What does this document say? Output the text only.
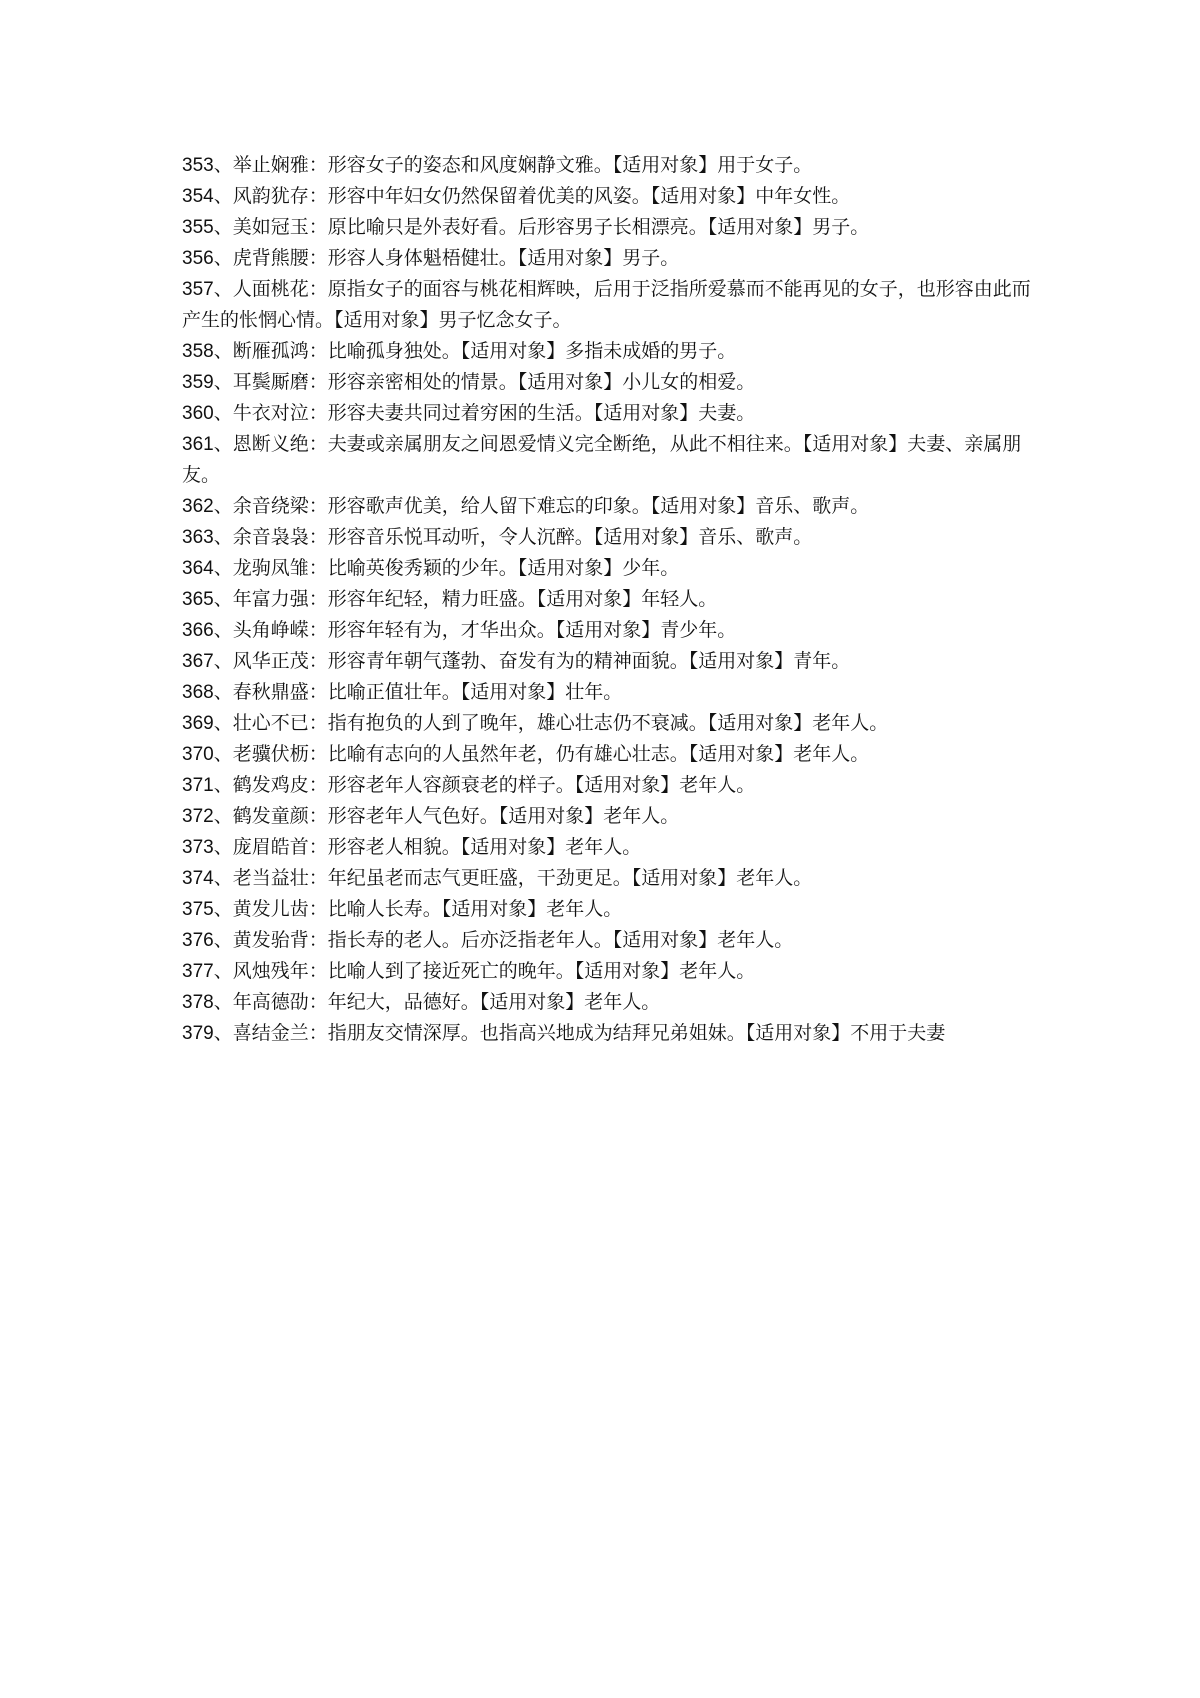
353、举止娴雅：形容女子的姿态和风度娴静文雅。【适用对象】用于女子。

354、风韵犹存：形容中年妇女仍然保留着优美的风姿。【适用对象】中年女性。

355、美如冠玉：原比喻只是外表好看。后形容男子长相漂亮。【适用对象】男子。

356、虎背熊腰：形容人身体魁梧健壮。【适用对象】男子。

357、人面桃花：原指女子的面容与桃花相辉映，后用于泛指所爱慕而不能再见的女子，也形容由此而产生的怅惘心情。【适用对象】男子忆念女子。

358、断雁孤鸿：比喻孤身独处。【适用对象】多指未成婚的男子。

359、耳鬓厮磨：形容亲密相处的情景。【适用对象】小儿女的相爱。

360、牛衣对泣：形容夫妻共同过着穷困的生活。【适用对象】夫妻。

361、恩断义绝：夫妻或亲属朋友之间恩爱情义完全断绝，从此不相往来。【适用对象】夫妻、亲属朋友。

362、余音绕梁：形容歌声优美，给人留下难忘的印象。【适用对象】音乐、歌声。

363、余音袅袅：形容音乐悦耳动听，令人沉醉。【适用对象】音乐、歌声。

364、龙驹凤雏：比喻英俊秀颖的少年。【适用对象】少年。

365、年富力强：形容年纪轻，精力旺盛。【适用对象】年轻人。

366、头角峥嵘：形容年轻有为，才华出众。【适用对象】青少年。

367、风华正茂：形容青年朝气蓬勃、奋发有为的精神面貌。【适用对象】青年。

368、春秋鼎盛：比喻正值壮年。【适用对象】壮年。

369、壮心不已：指有抱负的人到了晚年，雄心壮志仍不衰减。【适用对象】老年人。

370、老骥伏枥：比喻有志向的人虽然年老，仍有雄心壮志。【适用对象】老年人。

371、鹤发鸡皮：形容老年人容颜衰老的样子。【适用对象】老年人。

372、鹤发童颜：形容老年人气色好。【适用对象】老年人。

373、庞眉皓首：形容老人相貌。【适用对象】老年人。

374、老当益壮：年纪虽老而志气更旺盛，干劲更足。【适用对象】老年人。

375、黄发儿齿：比喻人长寿。【适用对象】老年人。

376、黄发骀背：指长寿的老人。后亦泛指老年人。【适用对象】老年人。

377、风烛残年：比喻人到了接近死亡的晚年。【适用对象】老年人。

378、年高德劭：年纪大，品德好。【适用对象】老年人。

379、喜结金兰：指朋友交情深厚。也指高兴地成为结拜兄弟姐妹。【适用对象】不用于夫妻
